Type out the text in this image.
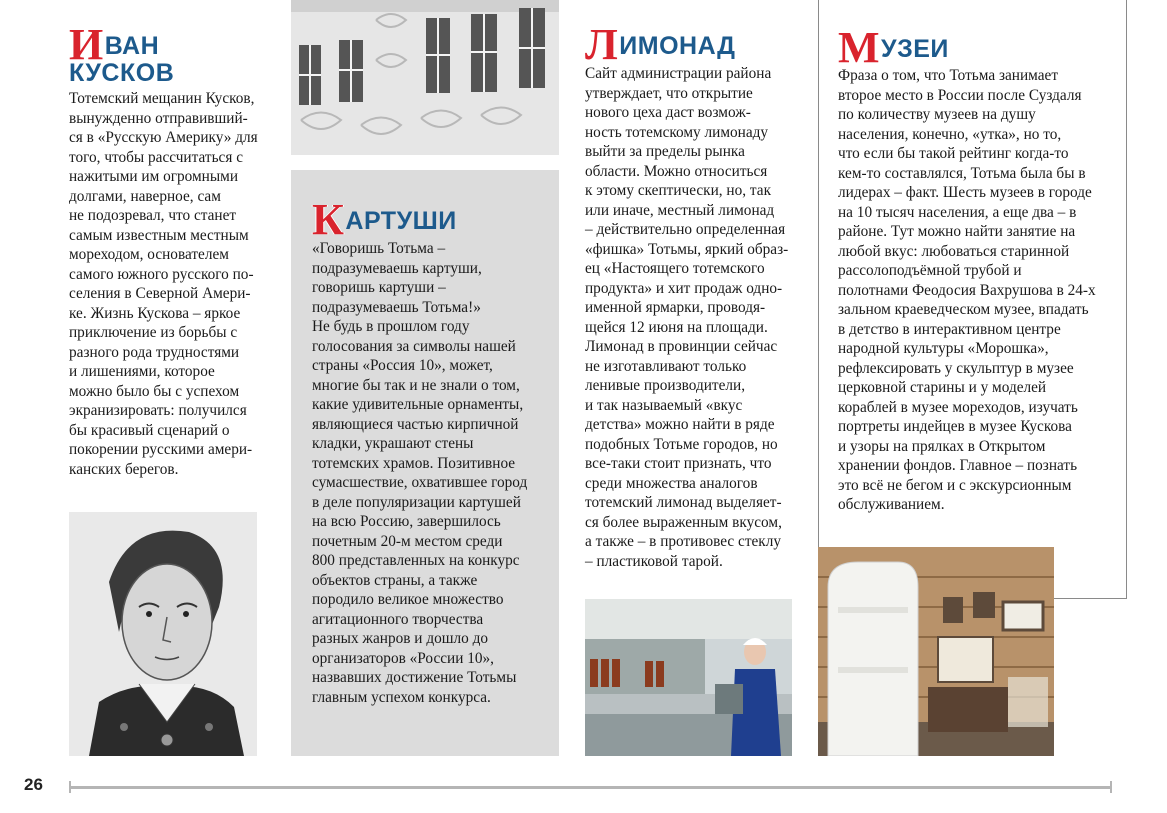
ИВАН
КУСКОВ

Тотемский мещанин Кусков,
вынужденно отправивший-
ся в «Русскую Америку» для
того, чтобы рассчитаться с
нажитыми им огромными
долгами, наверное, сам
не подозревал, что станет
самым известным местным
мореходом, основателем
самого южного русского по-
селения в Северной Амери-
ке. Жизнь Кускова – яркое
приключение из борьбы с
разного рода трудностями
и лишениями, которое
можно было бы с успехом
экранизировать: получился
бы красивый сценарий о
покорении русскими амери-
канских берегов.

КАРТУШИ

«Говоришь Тотьма –
подразумеваешь картуши,
говоришь картуши –
подразумеваешь Тотьма!»
Не будь в прошлом году
голосования за символы нашей
страны «Россия 10», может,
многие бы так и не знали о том,
какие удивительные орнаменты,
являющиеся частью кирпичной
кладки, украшают стены
тотемских храмов. Позитивное
сумасшествие, охватившее город
в деле популяризации картушей
на всю Россию, завершилось
почетным 20-м местом среди
800 представленных на конкурс
объектов страны, а также
породило великое множество
агитационного творчества
разных жанров и дошло до
организаторов «России 10»,
назвавших достижение Тотьмы
главным успехом конкурса.

ЛИМОНАД

Сайт администрации района
утверждает, что открытие
нового цеха даст возмож-
ность тотемскому лимонаду
выйти за пределы рынка
области. Можно относиться
к этому скептически, но, так
или иначе, местный лимонад
– действительно определенная
«фишка» Тотьмы, яркий образ-
ец «Настоящего тотемского
продукта» и хит продаж одно-
именной ярмарки, проводя-
щейся 12 июня на площади.
Лимонад в провинции сейчас
не изготавливают только
ленивые производители,
и так называемый «вкус
детства» можно найти в ряде
подобных Тотьме городов, но
все-таки стоит признать, что
среди множества аналогов
тотемский лимонад выделяет-
ся более выраженным вкусом,
а также – в противовес стеклу
– пластиковой тарой.

МУЗЕИ

Фраза о том, что Тотьма занимает
второе место в России после Суздаля
по количеству музеев на душу
населения, конечно, «утка», но то,
что если бы такой рейтинг когда-то
кем-то составлялся, Тотьма была бы в
лидерах – факт. Шесть музеев в городе
на 10 тысяч населения, а еще два – в
районе. Тут можно найти занятие на
любой вкус: любоваться старинной
рассолоподъёмной трубой и
полотнами Феодосия Вахрушова в 24-х
зальном краеведческом музее, впадать
в детство в интерактивном центре
народной культуры «Морошка»,
рефлексировать у скульптур в музее
церковной старины и у моделей
кораблей в музее мореходов, изучать
портреты индейцев в музее Кускова
и узоры на прялках в Открытом
хранении фондов. Главное – познать
это всё не бегом и с экскурсионным
обслуживанием.

26
